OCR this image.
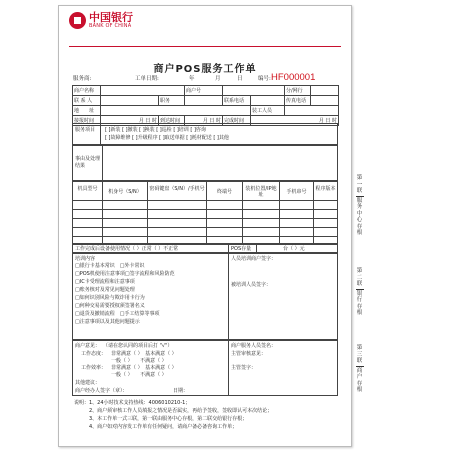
中国银行
BANK OF CHINA
商户POS服务工作单
HF000001
服务商:	工单日期:	年	月	日	编号:
商户名称			商户号			分/网行	
联 系 人		职务		联系电话		传真电话	
地　　址					装工人员		
接报时间	月 日 时	到达时间	月 日 时	完成时间	月 日 时		
服务项目	[ ]新装 [ ]撤装 [ ]换装 [ ]巡检 [ ]培训 [ ]咨询
[ ]故障维修 [ ]升级程序 [ ]取送单据 [ ]耗材配送 [ ]其他
事由及处理结果
机具型号	机身号（S/N）	密码键盘（S/N）/手机号	终端号	装机位置/IP地址	手机串号	程序版本
工作完成后设备使用情况（ ）正常（ ）不正常	POS存量	台（ ）元
培训内容
□银行卡基本常识　□外卡常识
□POS机使用注意事项□签字流程和风险防范
□IC卡受理流程和注意事项
□账务核对及常见问题处理
□如何识别风险与欺诈用卡行为
□何种交易需要授权须签署名义
□退货及撤销流程　□手工结算等事项
□注意事项以及其他问题提示
人员培训商户签字：
被培训人员签字：
商户意见： （请在您认同的项目后打 "√"）
工作态度： 非常满意（ ）　基本满意（ ）
一般（ ）　　不满意（ ）
工作效率： 非常满意（ ）　基本满意（ ）
一般（ ）　　不满意（ ）
其他建议：
商户经办人签字（章）：	日期：
商户服务人员签名：
主管审核意见：
主管签字：
说明：1、24小时技术支持热线：4006010210-1；
　　　2、商户须审核工作人员填报之情况是否属实，再给予签收，签收即认可本次结论；
　　　3、本工作单一式三联，第一联由服务中心存根，第二联交给银行存根；
　　　4、商户如对内容发工作单有任何疑问，请商户备必备咨询工作单；
第一联
服务中心存根
第二联
银行存根
第三联
商户存根
